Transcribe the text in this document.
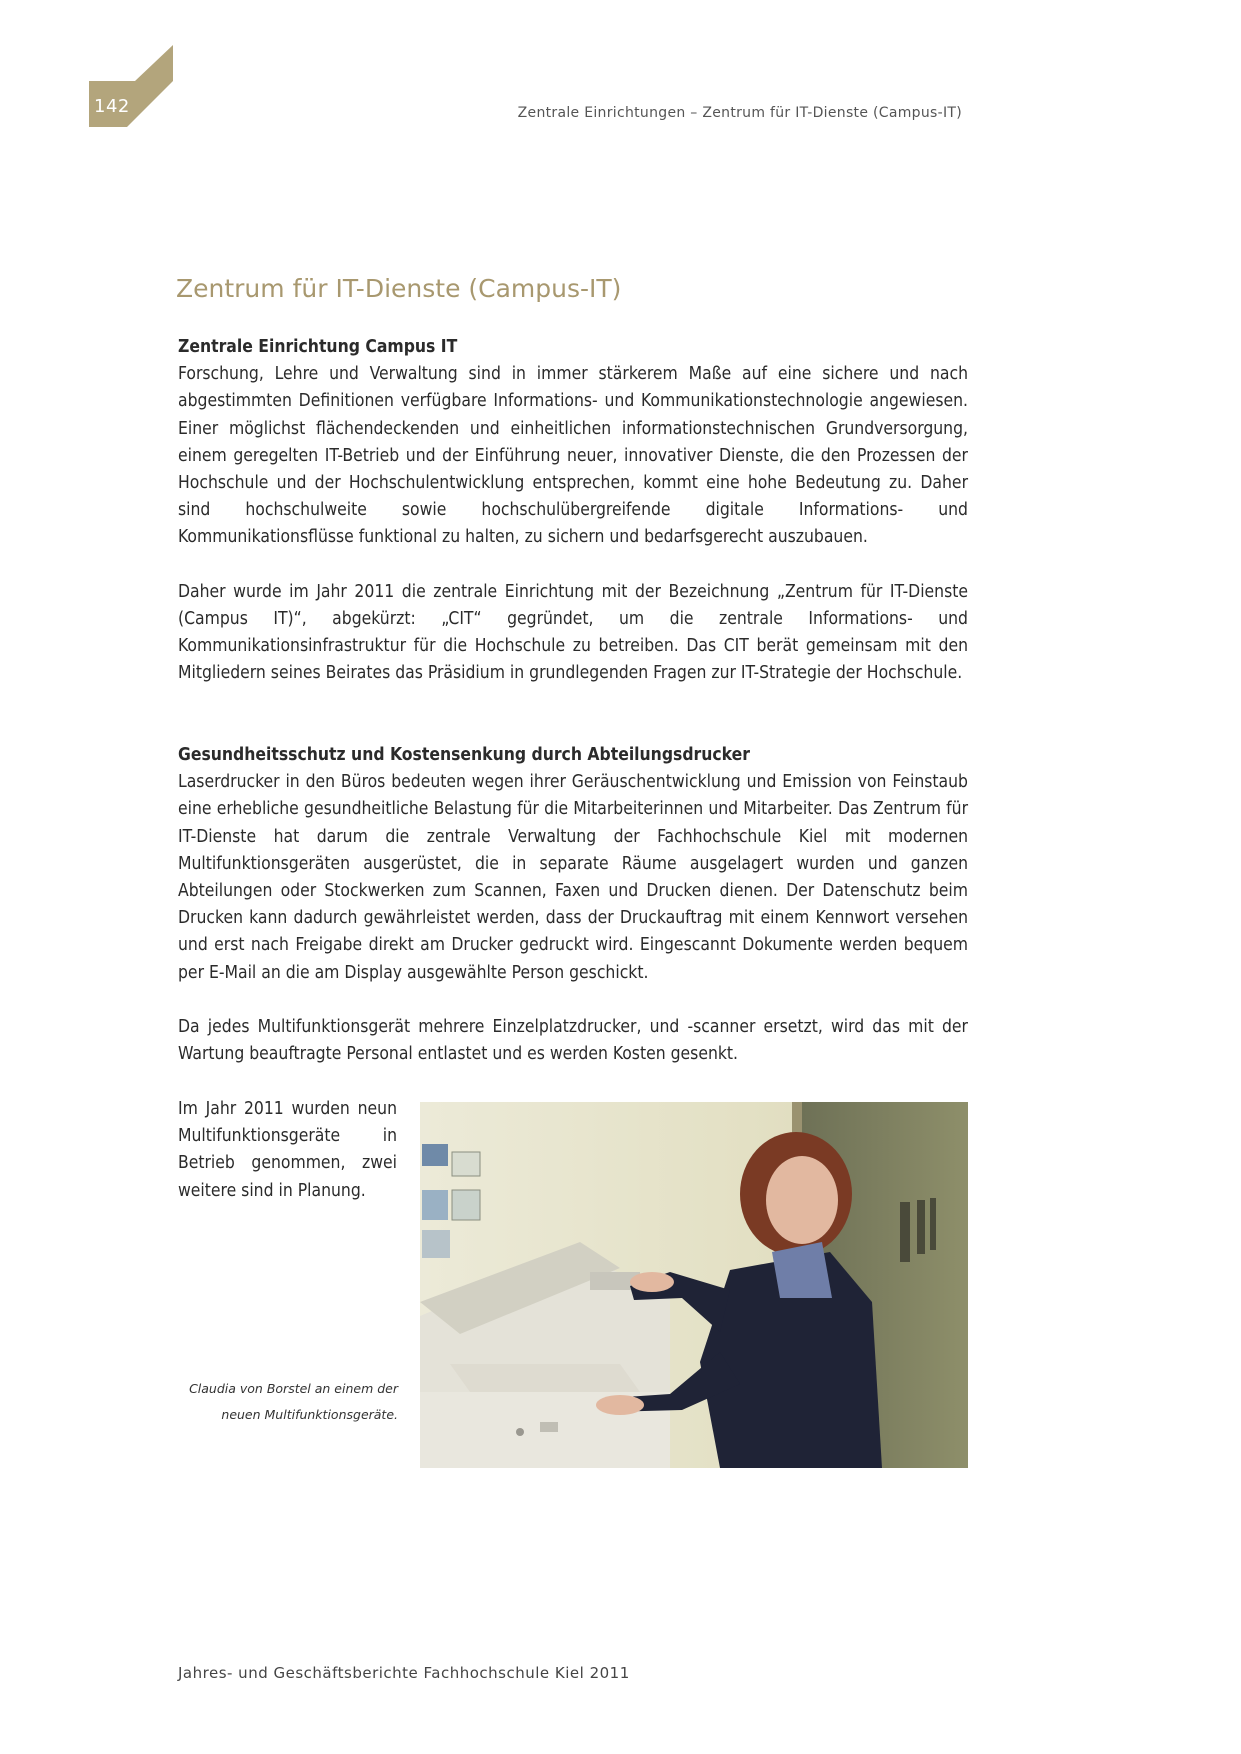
142	Zentrale Einrichtungen – Zentrum für IT-Dienste (Campus-IT)
Zentrum für IT-Dienste (Campus-IT)
Zentrale Einrichtung Campus IT

Forschung, Lehre und Verwaltung sind in immer stärkerem Maße auf eine sichere und nach abgestimmten Definitionen verfügbare Informations- und Kommunikationstechnologie angewiesen. Einer möglichst flächendeckenden und einheitlichen informationstechnischen Grundversorgung, einem geregelten IT-Betrieb und der Einführung neuer, innovativer Dienste, die den Prozessen der Hochschule und der Hochschulentwicklung entsprechen, kommt eine hohe Bedeutung zu. Daher sind hochschulweite sowie hochschulübergreifende digitale Informations- und Kommunikationsflüsse funktional zu halten, zu sichern und bedarfsgerecht auszubauen.

Daher wurde im Jahr 2011 die zentrale Einrichtung mit der Bezeichnung „Zentrum für IT-Dienste (Campus IT)“, abgekürzt: „CIT“ gegründet, um die zentrale Informations- und Kommunikationsinfrastruktur für die Hochschule zu betreiben. Das CIT berät gemeinsam mit den Mitgliedern seines Beirates das Präsidium in grundlegenden Fragen zur IT-Strategie der Hochschule.

Gesundheitsschutz und Kostensenkung durch Abteilungsdrucker

Laserdrucker in den Büros bedeuten wegen ihrer Geräuschentwicklung und Emission von Feinstaub eine erhebliche gesundheitliche Belastung für die Mitarbeiterinnen und Mitarbeiter. Das Zentrum für IT-Dienste hat darum die zentrale Verwaltung der Fachhochschule Kiel mit modernen Multifunktionsgeräten ausgerüstet, die in separate Räume ausgelagert wurden und ganzen Abteilungen oder Stockwerken zum Scannen, Faxen und Drucken dienen. Der Datenschutz beim Drucken kann dadurch gewährleistet werden, dass der Druckauftrag mit einem Kennwort versehen und erst nach Freigabe direkt am Drucker gedruckt wird. Eingescannt Dokumente werden bequem per E-Mail an die am Display ausgewählte Person geschickt.

Da jedes Multifunktionsgerät mehrere Einzelplatzdrucker, und -scanner ersetzt, wird das mit der Wartung beauftragte Personal entlastet und es werden Kosten gesenkt.

Im Jahr 2011 wurden neun Multifunktionsgeräte in Betrieb genommen, zwei weitere sind in Planung.
Claudia von Borstel an einem der neuen Multifunktionsgeräte.
Jahres- und Geschäftsberichte Fachhochschule Kiel 2011
